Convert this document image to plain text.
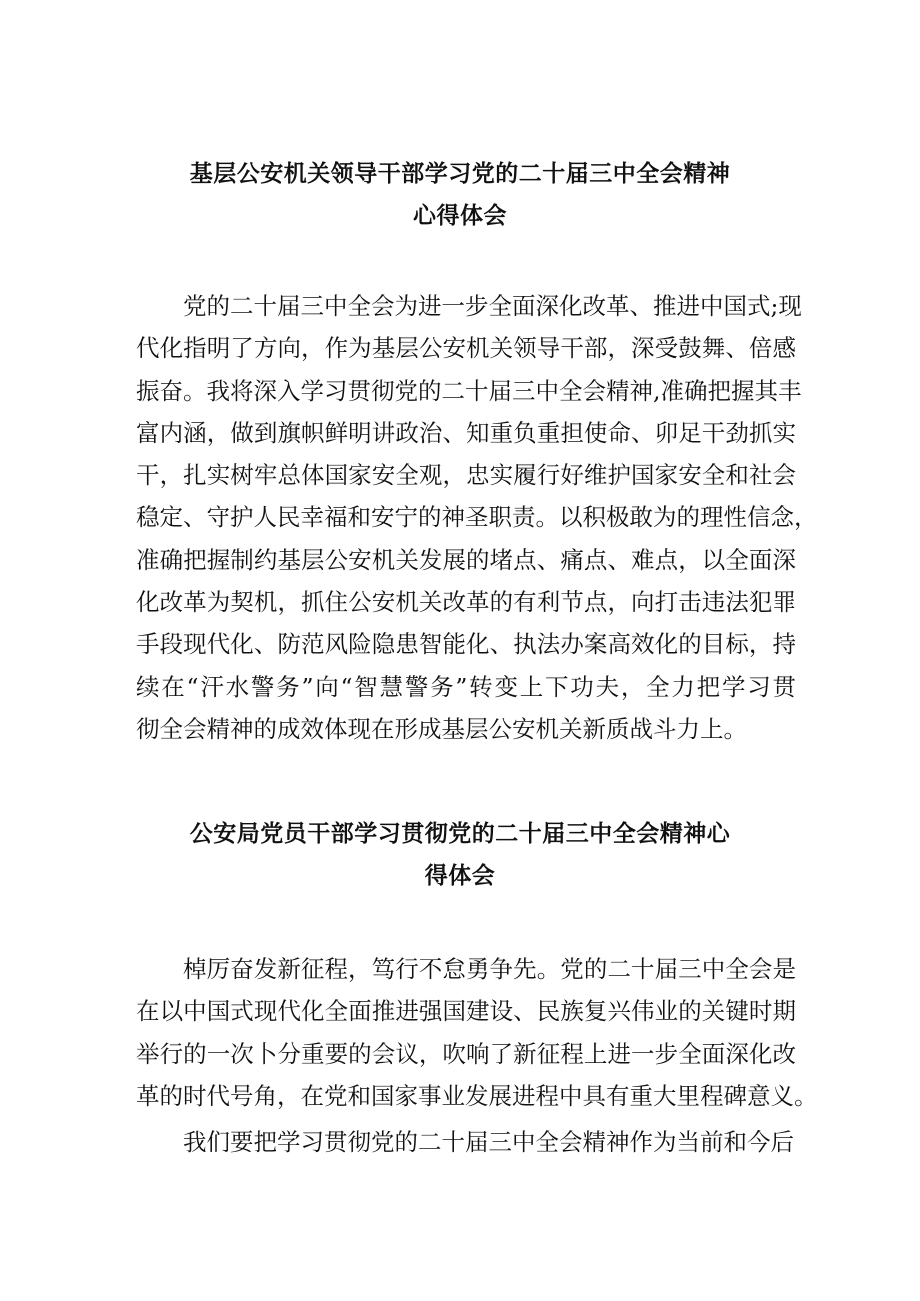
基层公安机关领导干部学习党的二十届三中全会精神
心得体会
党的二十届三中全会为进一步全面深化改革、推进中国式;现
代化指明了方向，作为基层公安机关领导干部，深受鼓舞、倍感
振奋。我将深入学习贯彻党的二十届三中全会精神,准确把握其丰
富内涵，做到旗帜鲜明讲政治、知重负重担使命、卯足干劲抓实
干，扎实树牢总体国家安全观，忠实履行好维护国家安全和社会
稳定、守护人民幸福和安宁的神圣职责。以积极敢为的理性信念，
准确把握制约基层公安机关发展的堵点、痛点、难点，以全面深
化改革为契机，抓住公安机关改革的有利节点，向打击违法犯罪
手段现代化、防范风险隐患智能化、执法办案高效化的目标，持
续在“汗水警务”向“智慧警务”转变上下功夫，全力把学习贯
彻全会精神的成效体现在形成基层公安机关新质战斗力上。
公安局党员干部学习贯彻党的二十届三中全会精神心
得体会
棹厉奋发新征程，笃行不怠勇争先。党的二十届三中全会是
在以中国式现代化全面推进强国建设、民族复兴伟业的关键时期
举行的一次卜分重要的会议，吹响了新征程上进一步全面深化改
革的时代号角，在党和国家事业发展进程中具有重大里程碑意义。
我们要把学习贯彻党的二十届三中全会精神作为当前和今后
